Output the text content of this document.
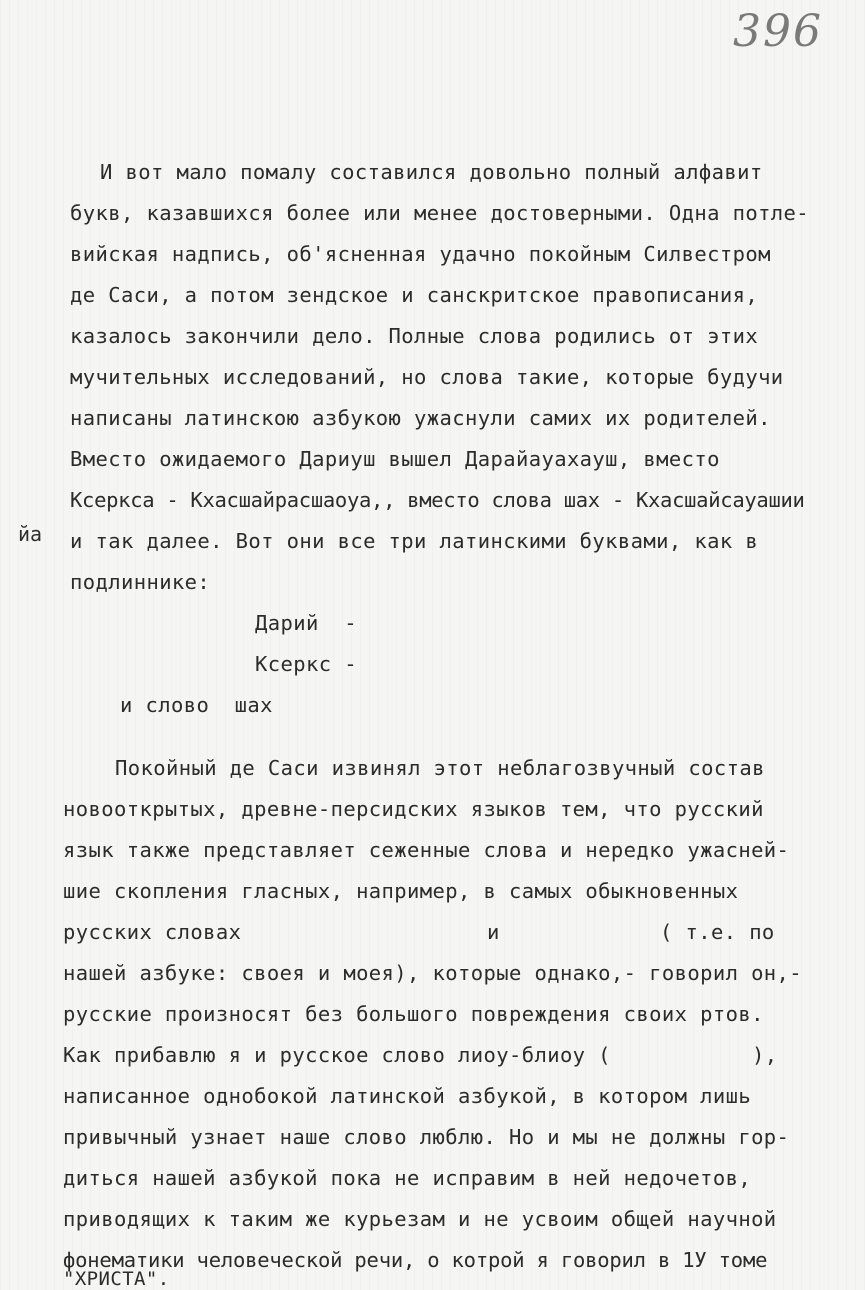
396
йа
И вот мало помалу составился довольно полный алфавит
букв, казавшихся более или менее достоверными. Одна потле-
вийская надпись, об'ясненная удачно покойным Силвестром
де Саси, а потом зендское и санскритское правописания,
казалось закончили дело. Полные слова родились от этих
мучительных исследований, но слова такие, которые будучи
написаны латинскою азбукою ужаснули самих их родителей.
Вместо ожидаемого Дариуш вышел Дарайауахауш, вместо
Ксеркса - Кхасшайрасшаоуа,, вместо слова шах - Кхасшайсауашии
и так далее. Вот они все три латинскими буквами, как в
подлиннике:
Дарий  -
Ксеркс -
и слово  шах
Покойный де Саси извинял этот неблагозвучный состав
новооткрытых, древне-персидских языков тем, что русский
язык также представляет сеженные слова и нередко ужасней-
шие скопления гласных, например, в самых обыкновенных
русских словах	и	( т.е. по
нашей азбуке: своея и моея), которые однако,- говорил он,-
русские произносят без большого повреждения своих ртов.
Как прибавлю я и русское слово лиоу-блиоу (	),
написанное однобокой латинской азбукой, в котором лишь
привычный узнает наше слово люблю. Но и мы не должны гор-
диться нашей азбукой пока не исправим в ней недочетов,
приводящих к таким же курьезам и не усвоим общей научной
фонематики человеческой речи, о котрой я говорил в 1У томе
"ХРИСТА".
